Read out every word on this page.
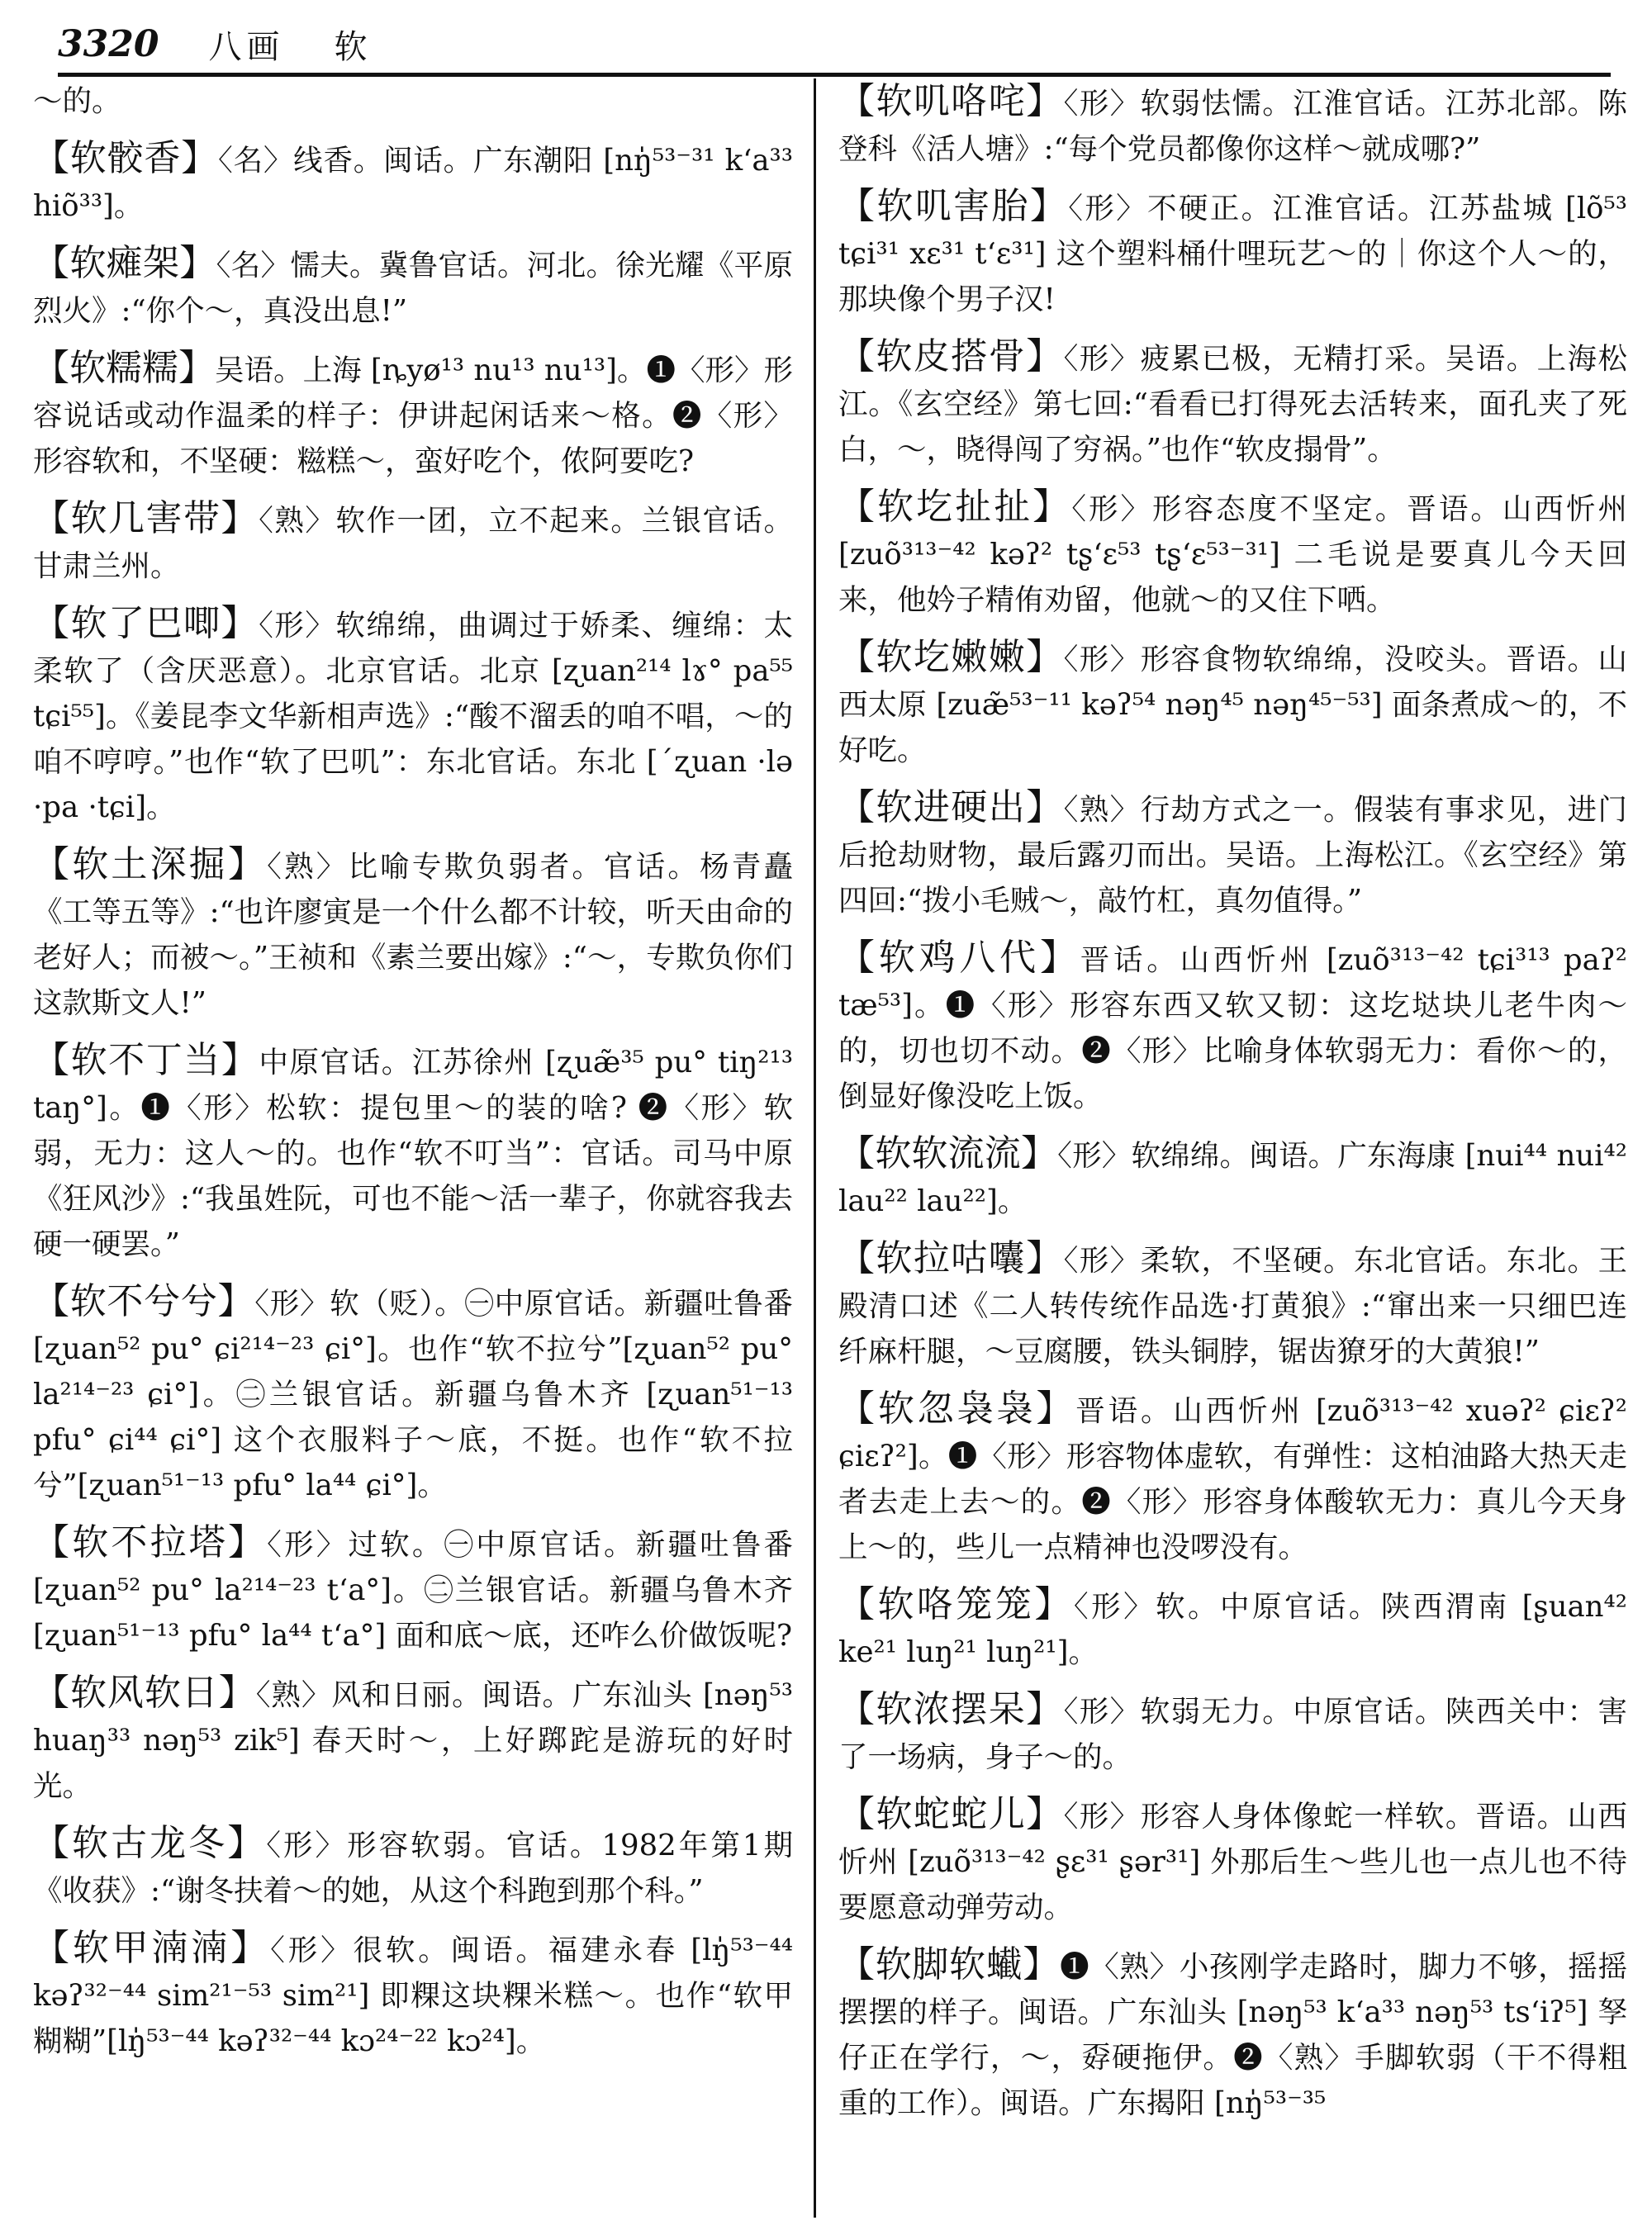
3320 八画 软
～的。
【软骹香】〈名〉线香。闽话。广东潮阳 [nŋ̍⁵³⁻³¹ k‘a³³ hiõ³³]。
【软瘫架】〈名〉懦夫。冀鲁官话。河北。徐光耀《平原烈火》:“你个～，真没出息!”
【软糯糯】吴语。上海 [ȵyø¹³ nu¹³ nu¹³]。❶〈形〉形容说话或动作温柔的样子：伊讲起闲话来～格。❷〈形〉形容软和，不坚硬：糍糕～，蛮好吃个，侬阿要吃?
【软几害带】〈熟〉软作一团，立不起来。兰银官话。甘肃兰州。
【软了巴唧】〈形〉软绵绵，曲调过于娇柔、缠绵：太柔软了（含厌恶意）。北京官话。北京 [ʐuan²¹⁴ lɤ° pa⁵⁵ tɕi⁵⁵]。《姜昆李文华新相声选》:“酸不溜丢的咱不唱，～的咱不哼哼。”也作“软了巴叽”：东北官话。东北 [ˊʐuan ·lə ·pa ·tɕi]。
【软土深掘】〈熟〉比喻专欺负弱者。官话。杨青矗《工等五等》:“也许廖寅是一个什么都不计较，听天由命的老好人；而被～。”王祯和《素兰要出嫁》:“～，专欺负你们这款斯文人!”
【软不丁当】中原官话。江苏徐州 [ʐuæ̃³⁵ pu° tiŋ²¹³ taŋ°]。❶〈形〉松软：提包里～的装的啥? ❷〈形〉软弱，无力：这人～的。也作“软不叮当”：官话。司马中原《狂风沙》:“我虽姓阮，可也不能～活一辈子，你就容我去硬一硬罢。”
【软不兮兮】〈形〉软（贬）。㊀中原官话。新疆吐鲁番 [ʐuan⁵² pu° ɕi²¹⁴⁻²³ ɕi°]。也作“软不拉兮”[ʐuan⁵² pu° la²¹⁴⁻²³ ɕi°]。㊁兰银官话。新疆乌鲁木齐 [ʐuan⁵¹⁻¹³ pfu° ɕi⁴⁴ ɕi°] 这个衣服料子～底，不挺。也作“软不拉兮”[ʐuan⁵¹⁻¹³ pfu° la⁴⁴ ɕi°]。
【软不拉塔】〈形〉过软。㊀中原官话。新疆吐鲁番 [ʐuan⁵² pu° la²¹⁴⁻²³ t‘a°]。㊁兰银官话。新疆乌鲁木齐 [ʐuan⁵¹⁻¹³ pfu° la⁴⁴ t‘a°] 面和底～底，还咋么价做饭呢?
【软风软日】〈熟〉风和日丽。闽语。广东汕头 [nəŋ⁵³ huaŋ³³ nəŋ⁵³ zik⁵] 春天时～，上好踯跎是游玩的好时光。
【软古龙冬】〈形〉形容软弱。官话。1982年第1期《收获》:“谢冬扶着～的她，从这个科跑到那个科。”
【软甲湳湳】〈形〉很软。闽语。福建永春 [lŋ̍⁵³⁻⁴⁴ kəʔ³²⁻⁴⁴ sim²¹⁻⁵³ sim²¹] 即粿这块粿米糕～。也作“软甲糊糊”[lŋ̍⁵³⁻⁴⁴ kəʔ³²⁻⁴⁴ kɔ²⁴⁻²² kɔ²⁴]。
【软叽咯咤】〈形〉软弱怯懦。江淮官话。江苏北部。陈登科《活人塘》:“每个党员都像你这样～就成哪?”
【软叽害胎】〈形〉不硬正。江淮官话。江苏盐城 [lõ⁵³ tɕi³¹ xɛ³¹ t‘ɛ³¹] 这个塑料桶什哩玩艺～的｜你这个人～的，那块像个男子汉!
【软皮搭骨】〈形〉疲累已极，无精打采。吴语。上海松江。《玄空经》第七回:“看看已打得死去活转来，面孔夹了死白，～，晓得闯了穷祸。”也作“软皮搨骨”。
【软圪扯扯】〈形〉形容态度不坚定。晋语。山西忻州 [zuõ³¹³⁻⁴² kəʔ² tʂ‘ɛ⁵³ tʂ‘ɛ⁵³⁻³¹] 二毛说是要真儿今天回来，他妗子精侑劝留，他就～的又住下哂。
【软圪嫩嫩】〈形〉形容食物软绵绵，没咬头。晋语。山西太原 [zuæ̃⁵³⁻¹¹ kəʔ⁵⁴ nəŋ⁴⁵ nəŋ⁴⁵⁻⁵³] 面条煮成～的，不好吃。
【软进硬出】〈熟〉行劫方式之一。假装有事求见，进门后抢劫财物，最后露刃而出。吴语。上海松江。《玄空经》第四回:“拨小毛贼～，敲竹杠，真勿值得。”
【软鸡八代】晋话。山西忻州 [zuõ³¹³⁻⁴² tɕi³¹³ paʔ² tæ⁵³]。❶〈形〉形容东西又软又韧：这圪垯块儿老牛肉～的，切也切不动。❷〈形〉比喻身体软弱无力：看你～的，倒显好像没吃上饭。
【软软流流】〈形〉软绵绵。闽语。广东海康 [nui⁴⁴ nui⁴² lau²² lau²²]。
【软拉咕囔】〈形〉柔软，不坚硬。东北官话。东北。王殿清口述《二人转传统作品选·打黄狼》:“窜出来一只细巴连纤麻杆腿，～豆腐腰，铁头铜脖，锯齿獠牙的大黄狼!”
【软忽袅袅】晋语。山西忻州 [zuõ³¹³⁻⁴² xuəʔ² ɕiɛʔ² ɕiɛʔ²]。❶〈形〉形容物体虚软，有弹性：这柏油路大热天走者去走上去～的。❷〈形〉形容身体酸软无力：真儿今天身上～的，些儿一点精神也没啰没有。
【软咯笼笼】〈形〉软。中原官话。陕西渭南 [ʂuan⁴² ke²¹ luŋ²¹ luŋ²¹]。
【软浓摆呆】〈形〉软弱无力。中原官话。陕西关中：害了一场病，身子～的。
【软蛇蛇儿】〈形〉形容人身体像蛇一样软。晋语。山西忻州 [zuõ³¹³⁻⁴² ʂɛ³¹ ʂər³¹] 外那后生～些儿也一点儿也不待要愿意动弹劳动。
【软脚软蠘】❶〈熟〉小孩刚学走路时，脚力不够，摇摇摆摆的样子。闽语。广东汕头 [nəŋ⁵³ k‘a³³ nəŋ⁵³ ts‘iʔ⁵] 孥仔正在学行，～，孬硬拖伊。❷〈熟〉手脚软弱（干不得粗重的工作）。闽语。广东揭阳 [nŋ̍⁵³⁻³⁵
